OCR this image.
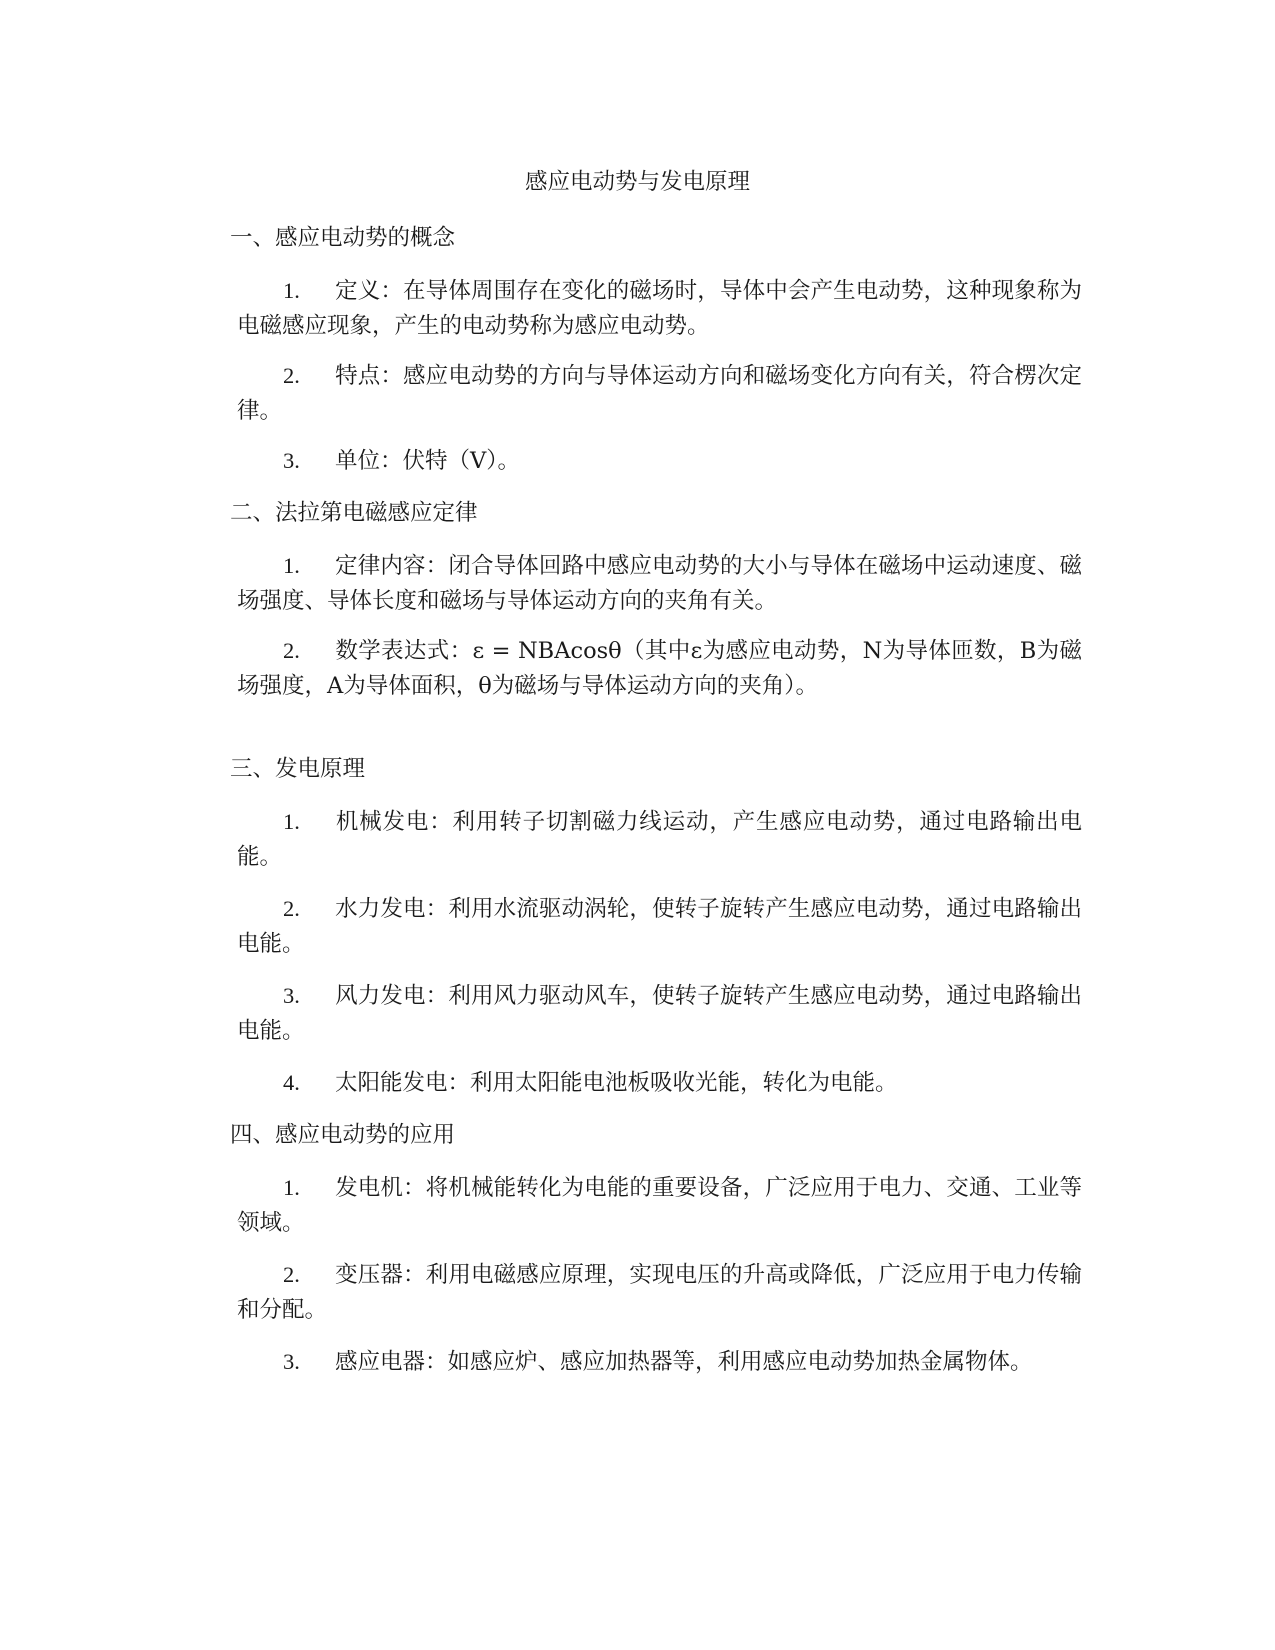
感应电动势与发电原理
一、感应电动势的概念
1. 定义：在导体周围存在变化的磁场时，导体中会产生电动势，这种现象称为电磁感应现象，产生的电动势称为感应电动势。
2. 特点：感应电动势的方向与导体运动方向和磁场变化方向有关，符合楞次定律。
3. 单位：伏特（V）。
二、法拉第电磁感应定律
1. 定律内容：闭合导体回路中感应电动势的大小与导体在磁场中运动速度、磁场强度、导体长度和磁场与导体运动方向的夹角有关。
2. 数学表达式：ε = NBAcosθ（其中ε为感应电动势，N为导体匝数，B为磁场强度，A为导体面积，θ为磁场与导体运动方向的夹角）。
三、发电原理
1. 机械发电：利用转子切割磁力线运动，产生感应电动势，通过电路输出电能。
2. 水力发电：利用水流驱动涡轮，使转子旋转产生感应电动势，通过电路输出电能。
3. 风力发电：利用风力驱动风车，使转子旋转产生感应电动势，通过电路输出电能。
4. 太阳能发电：利用太阳能电池板吸收光能，转化为电能。
四、感应电动势的应用
1. 发电机：将机械能转化为电能的重要设备，广泛应用于电力、交通、工业等领域。
2. 变压器：利用电磁感应原理，实现电压的升高或降低，广泛应用于电力传输和分配。
3. 感应电器：如感应炉、感应加热器等，利用感应电动势加热金属物体。
